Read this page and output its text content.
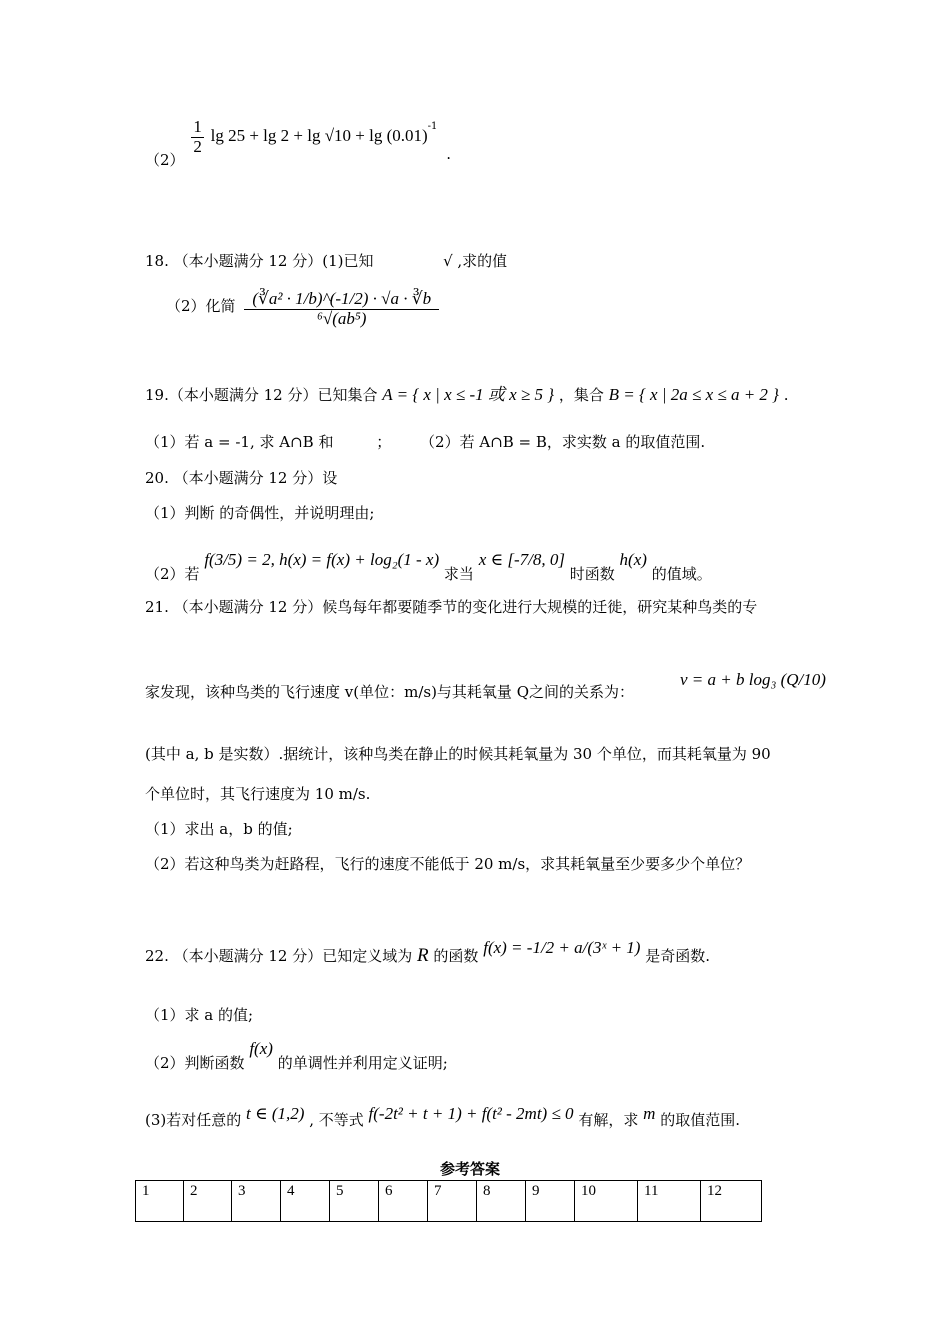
（2）
$\frac{1}{2}$ $\lg 25 + \lg 2 + \lg √10 + \lg (0.01)^{-1}$ .
18. （本小题满分 12 分）(1)已知	√ ,求的值
（2）化简 $\frac{\text{(∛a² · 1/b)\textasciicircum{}(-1/2) · √a · ∛b}}{\text{⁶√(ab⁵)}}$
19.（本小题满分 12 分）已知集合 A = { x | x ≤ -1 或 x ≥ 5 } ，集合 B = { x | 2a ≤ x ≤ a + 2 } .
（1）若 a = -1, 求 A∩B 和	； （2）若 A∩B = B，求实数 a 的取值范围.
20. （本小题满分 12 分）设
（1）判断 的奇偶性，并说明理由;
（2）若 f(3/5) = 2, h(x) = f(x) + log₂(1 - x) 求当 x ∈ [-7/8, 0] 时函数 h(x) 的值域。
21. （本小题满分 12 分）候鸟每年都要随季节的变化进行大规模的迁徙，研究某种鸟类的专
家发现，该种鸟类的飞行速度 v(单位：m/s)与其耗氧量 Q之间的关系为：
v = a + b log₃ (Q/10)
(其中 a, b 是实数）.据统计，该种鸟类在静止的时候其耗氧量为 30 个单位，而其耗氧量为 90
个单位时，其飞行速度为 10 m/s.
（1）求出 a，b 的值;
（2）若这种鸟类为赶路程，飞行的速度不能低于 20 m/s，求其耗氧量至少要多少个单位？
22. （本小题满分 12 分）已知定义域为 R 的函数 f(x) = -1/2 + a/(3ˣ + 1) 是奇函数.
（1）求 a 的值;
（2）判断函数 f(x) 的单调性并利用定义证明;
(3)若对任意的 t ∈ (1,2) , 不等式 f(-2t² + t + 1) + f(t² - 2mt) ≤ 0 有解，求 m 的取值范围.
参考答案
1	2	3	4	5	6	7	8	9	10	11	12
